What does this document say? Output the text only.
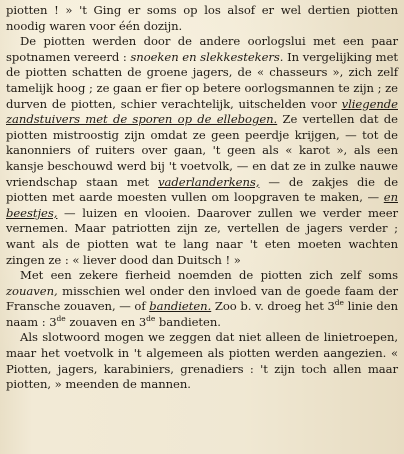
piotten ! » 't Ging er soms op los alsof er wel dertien piotten noodig waren voor één dozijn.

De piotten werden door de andere oorlogslui met een paar spotnamen vereerd : snoeken en slekkestekers. In vergelijking met de piotten schatten de groene jagers, de « chasseurs », zich zelf tamelijk hoog ; ze gaan er fier op betere oorlogsmannen te zijn ; ze durven de piotten, schier verachtelijk, uitschelden voor vliegende zandstuivers met de sporen op de ellebogen. Ze vertellen dat de piotten mistroostig zijn omdat ze geen peerdje krijgen, — tot de kanonniers of ruiters over gaan, 't geen als « karot », als een kansje beschouwd werd bij 't voetvolk, — en dat ze in zulke nauwe vriendschap staan met vaderlanderkens, — de zakjes die de piotten met aarde moesten vullen om loopgraven te maken, — en beestjes, — luizen en vlooien. Daarover zullen we verder meer vernemen. Maar patriotten zijn ze, vertellen de jagers verder ; want als de piotten wat te lang naar 't eten moeten wachten zingen ze : « liever dood dan Duitsch ! »

Met een zekere fierheid noemden de piotten zich zelf soms zouaven, misschien wel onder den invloed van de goede faam der Fransche zouaven, — of bandieten. Zoo b. v. droeg het 3de linie den naam : 3de zouaven en 3de bandieten.

Als slotwoord mogen we zeggen dat niet alleen de linietroepen, maar het voetvolk in 't algemeen als piotten werden aangezien. « Piotten, jagers, karabiniers, grenadiers : 't zijn toch allen maar piotten, » meenden de mannen.
